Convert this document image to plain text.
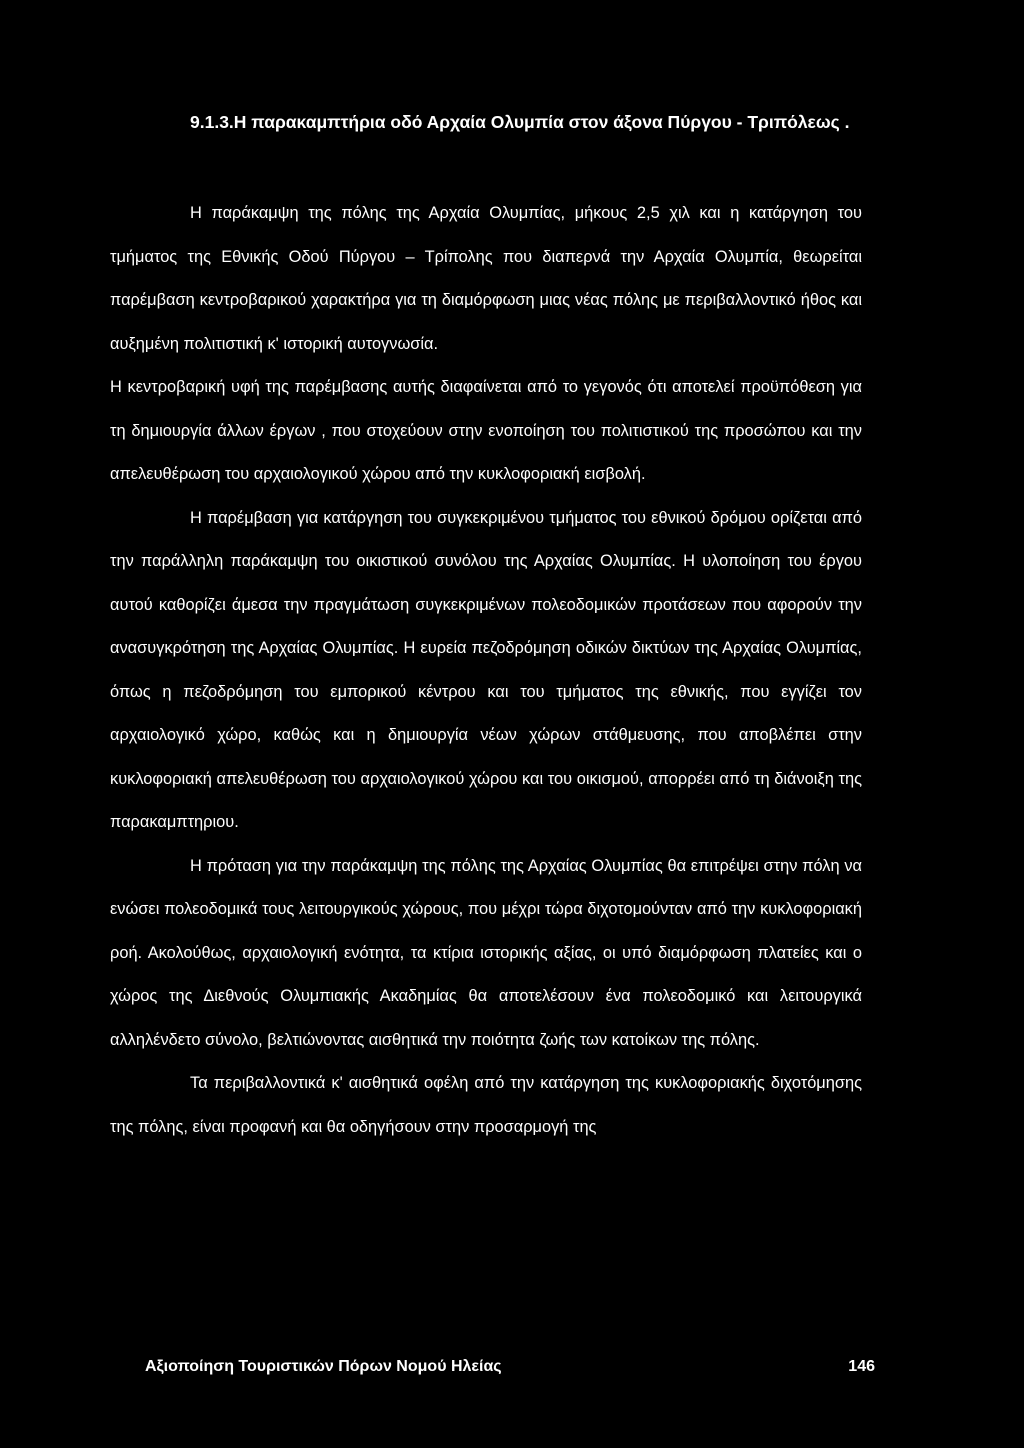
9.1.3.Η παρακαμπτήρια οδό Αρχαία Ολυμπία στον άξονα Πύργου - Τριπόλεως .

Η παράκαμψη της πόλης της Αρχαία Ολυμπίας, μήκους 2,5 χιλ και η κατάργηση του τμήματος της Εθνικής Οδού Πύργου – Τρίπολης που διαπερνά την Αρχαία Ολυμπία, θεωρείται παρέμβαση κεντροβαρικού χαρακτήρα για τη διαμόρφωση μιας νέας πόλης με περιβαλλοντικό ήθος και αυξημένη πολιτιστική κ' ιστορική αυτογνωσία.

Η κεντροβαρική υφή της παρέμβασης αυτής διαφαίνεται από το γεγονός ότι αποτελεί προϋπόθεση για τη δημιουργία άλλων έργων , που στοχεύουν στην ενοποίηση του πολιτιστικού της προσώπου και την απελευθέρωση του αρχαιολογικού χώρου από την κυκλοφοριακή εισβολή.

Η παρέμβαση για κατάργηση του συγκεκριμένου τμήματος του εθνικού δρόμου ορίζεται από την παράλληλη παράκαμψη του οικιστικού συνόλου της Αρχαίας Ολυμπίας. Η υλοποίηση του έργου αυτού καθορίζει άμεσα την πραγμάτωση συγκεκριμένων πολεοδομικών προτάσεων που αφορούν την ανασυγκρότηση της Αρχαίας Ολυμπίας. Η ευρεία πεζοδρόμηση οδικών δικτύων της Αρχαίας Ολυμπίας, όπως η πεζοδρόμηση του εμπορικού κέντρου και του τμήματος της εθνικής, που εγγίζει τον αρχαιολογικό χώρο, καθώς και η δημιουργία νέων χώρων στάθμευσης, που αποβλέπει στην κυκλοφοριακή απελευθέρωση του αρχαιολογικού χώρου και του οικισμού, απορρέει από τη διάνοιξη της παρακαμπτηριου.

Η πρόταση για την παράκαμψη της πόλης της Αρχαίας Ολυμπίας θα επιτρέψει στην πόλη να ενώσει πολεοδομικά τους λειτουργικούς χώρους, που μέχρι τώρα διχοτομούνταν από την κυκλοφοριακή ροή. Ακολούθως, αρχαιολογική ενότητα, τα κτίρια ιστορικής αξίας, οι υπό διαμόρφωση πλατείες και ο χώρος της Διεθνούς Ολυμπιακής Ακαδημίας θα αποτελέσουν ένα πολεοδομικό και λειτουργικά αλληλένδετο σύνολο, βελτιώνοντας αισθητικά την ποιότητα ζωής των κατοίκων της πόλης.

Τα περιβαλλοντικά κ' αισθητικά οφέλη από την κατάργηση της κυκλοφοριακής διχοτόμησης της πόλης, είναι προφανή και θα οδηγήσουν στην προσαρμογή της

Αξιοποίηση Τουριστικών Πόρων Νομού Ηλείας	146
